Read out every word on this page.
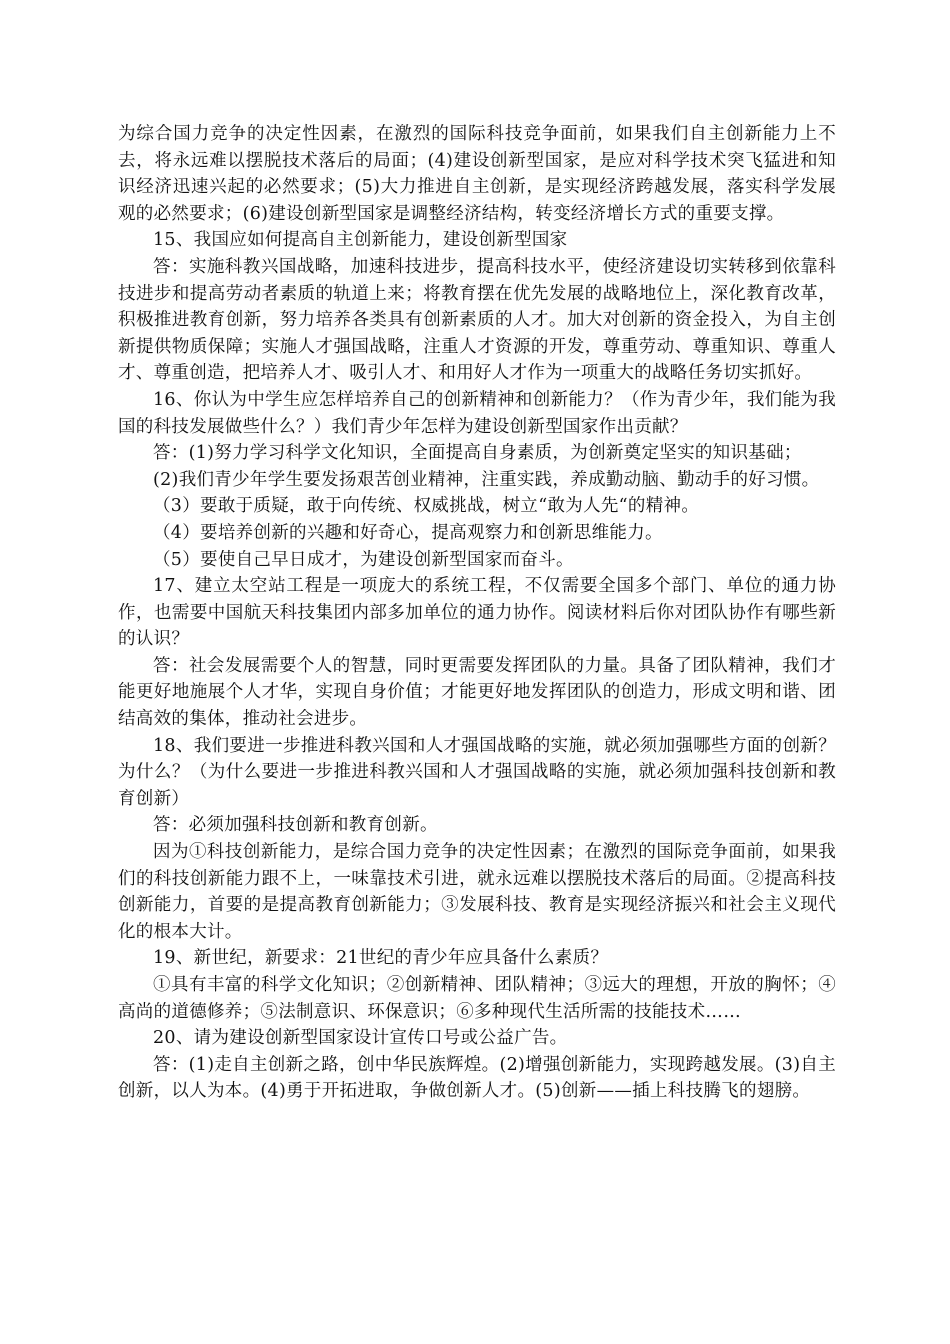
为综合国力竞争的决定性因素，在激烈的国际科技竞争面前，如果我们自主创新能力上不去，将永远难以摆脱技术落后的局面；(4)建设创新型国家，是应对科学技术突飞猛进和知识经济迅速兴起的必然要求；(5)大力推进自主创新，是实现经济跨越发展，落实科学发展观的必然要求；(6)建设创新型国家是调整经济结构，转变经济增长方式的重要支撑。

15、我国应如何提高自主创新能力，建设创新型国家

答：实施科教兴国战略，加速科技进步，提高科技水平，使经济建设切实转移到依靠科技进步和提高劳动者素质的轨道上来；将教育摆在优先发展的战略地位上，深化教育改革，积极推进教育创新，努力培养各类具有创新素质的人才。加大对创新的资金投入，为自主创新提供物质保障；实施人才强国战略，注重人才资源的开发，尊重劳动、尊重知识、尊重人才、尊重创造，把培养人才、吸引人才、和用好人才作为一项重大的战略任务切实抓好。

16、你认为中学生应怎样培养自己的创新精神和创新能力？（作为青少年，我们能为我国的科技发展做些什么？）我们青少年怎样为建设创新型国家作出贡献？

答：(1)努力学习科学文化知识，全面提高自身素质，为创新奠定坚实的知识基础；

(2)我们青少年学生要发扬艰苦创业精神，注重实践，养成勤动脑、勤动手的好习惯。

（3）要敢于质疑，敢于向传统、权威挑战，树立“敢为人先“的精神。

（4）要培养创新的兴趣和好奇心，提高观察力和创新思维能力。

（5）要使自己早日成才，为建设创新型国家而奋斗。

17、建立太空站工程是一项庞大的系统工程，不仅需要全国多个部门、单位的通力协作，也需要中国航天科技集团内部多加单位的通力协作。阅读材料后你对团队协作有哪些新的认识？

答：社会发展需要个人的智慧，同时更需要发挥团队的力量。具备了团队精神，我们才能更好地施展个人才华，实现自身价值；才能更好地发挥团队的创造力，形成文明和谐、团结高效的集体，推动社会进步。

18、我们要进一步推进科教兴国和人才强国战略的实施，就必须加强哪些方面的创新？为什么？（为什么要进一步推进科教兴国和人才强国战略的实施，就必须加强科技创新和教育创新）

答：必须加强科技创新和教育创新。

因为①科技创新能力，是综合国力竞争的决定性因素；在激烈的国际竞争面前，如果我们的科技创新能力跟不上，一味靠技术引进，就永远难以摆脱技术落后的局面。②提高科技创新能力，首要的是提高教育创新能力；③发展科技、教育是实现经济振兴和社会主义现代化的根本大计。

19、新世纪，新要求：21世纪的青少年应具备什么素质？

①具有丰富的科学文化知识；②创新精神、团队精神；③远大的理想，开放的胸怀；④高尚的道德修养；⑤法制意识、环保意识；⑥多种现代生活所需的技能技术……

20、请为建设创新型国家设计宣传口号或公益广告。

答：(1)走自主创新之路，创中华民族辉煌。(2)增强创新能力，实现跨越发展。(3)自主创新，以人为本。(4)勇于开拓进取，争做创新人才。(5)创新——插上科技腾飞的翅膀。
